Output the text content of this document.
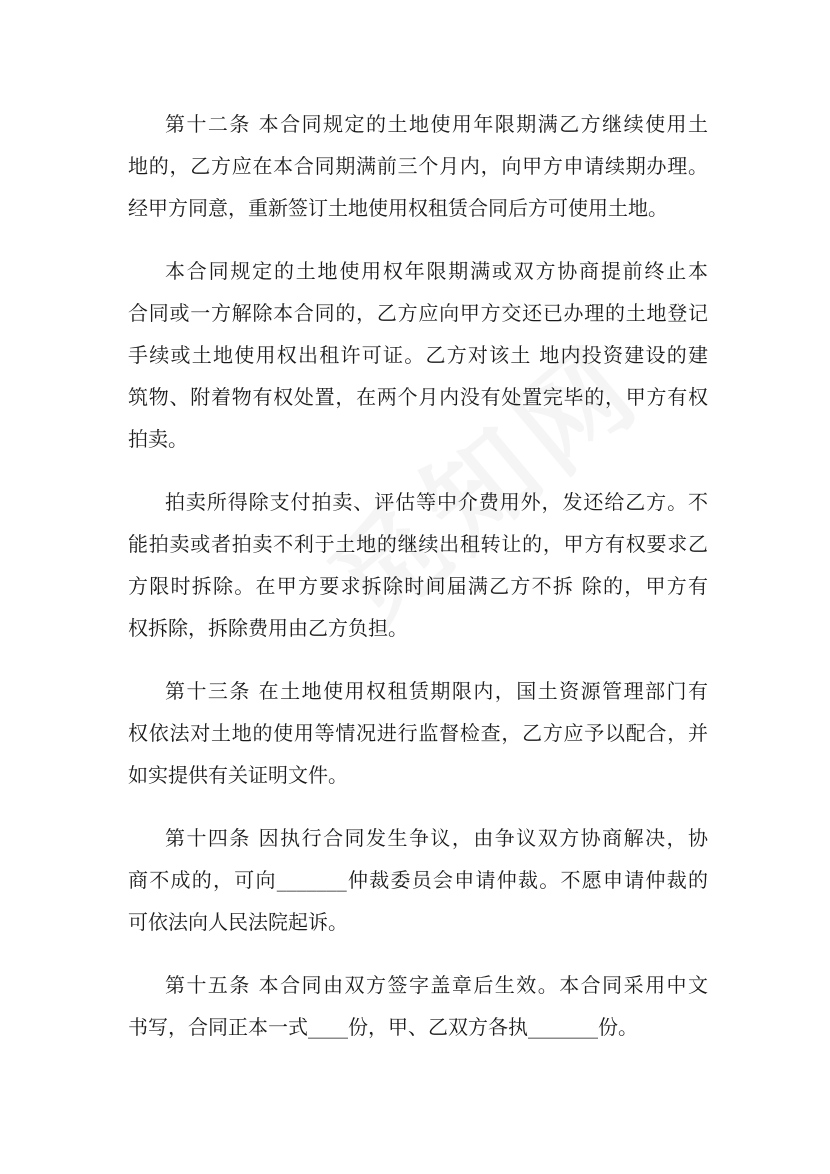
第十二条 本合同规定的土地使用年限期满乙方继续使用土
地的，乙方应在本合同期满前三个月内，向甲方申请续期办理。
经甲方同意，重新签订土地使用权租赁合同后方可使用土地。
本合同规定的土地使用权年限期满或双方协商提前终止本
合同或一方解除本合同的，乙方应向甲方交还已办理的土地登记
手续或土地使用权出租许可证。乙方对该土 地内投资建设的建
筑物、附着物有权处置，在两个月内没有处置完毕的，甲方有权
拍卖。
拍卖所得除支付拍卖、评估等中介费用外，发还给乙方。不
能拍卖或者拍卖不利于土地的继续出租转让的，甲方有权要求乙
方限时拆除。在甲方要求拆除时间届满乙方不拆 除的，甲方有
权拆除，拆除费用由乙方负担。
第十三条 在土地使用权租赁期限内，国土资源管理部门有
权依法对土地的使用等情况进行监督检查，乙方应予以配合，并
如实提供有关证明文件。
第十四条 因执行合同发生争议，由争议双方协商解决，协
商不成的，可向_______仲裁委员会申请仲裁。不愿申请仲裁的
可依法向人民法院起诉。
第十五条 本合同由双方签字盖章后生效。本合同采用中文
书写，合同正本一式____份，甲、乙双方各执_______份。
